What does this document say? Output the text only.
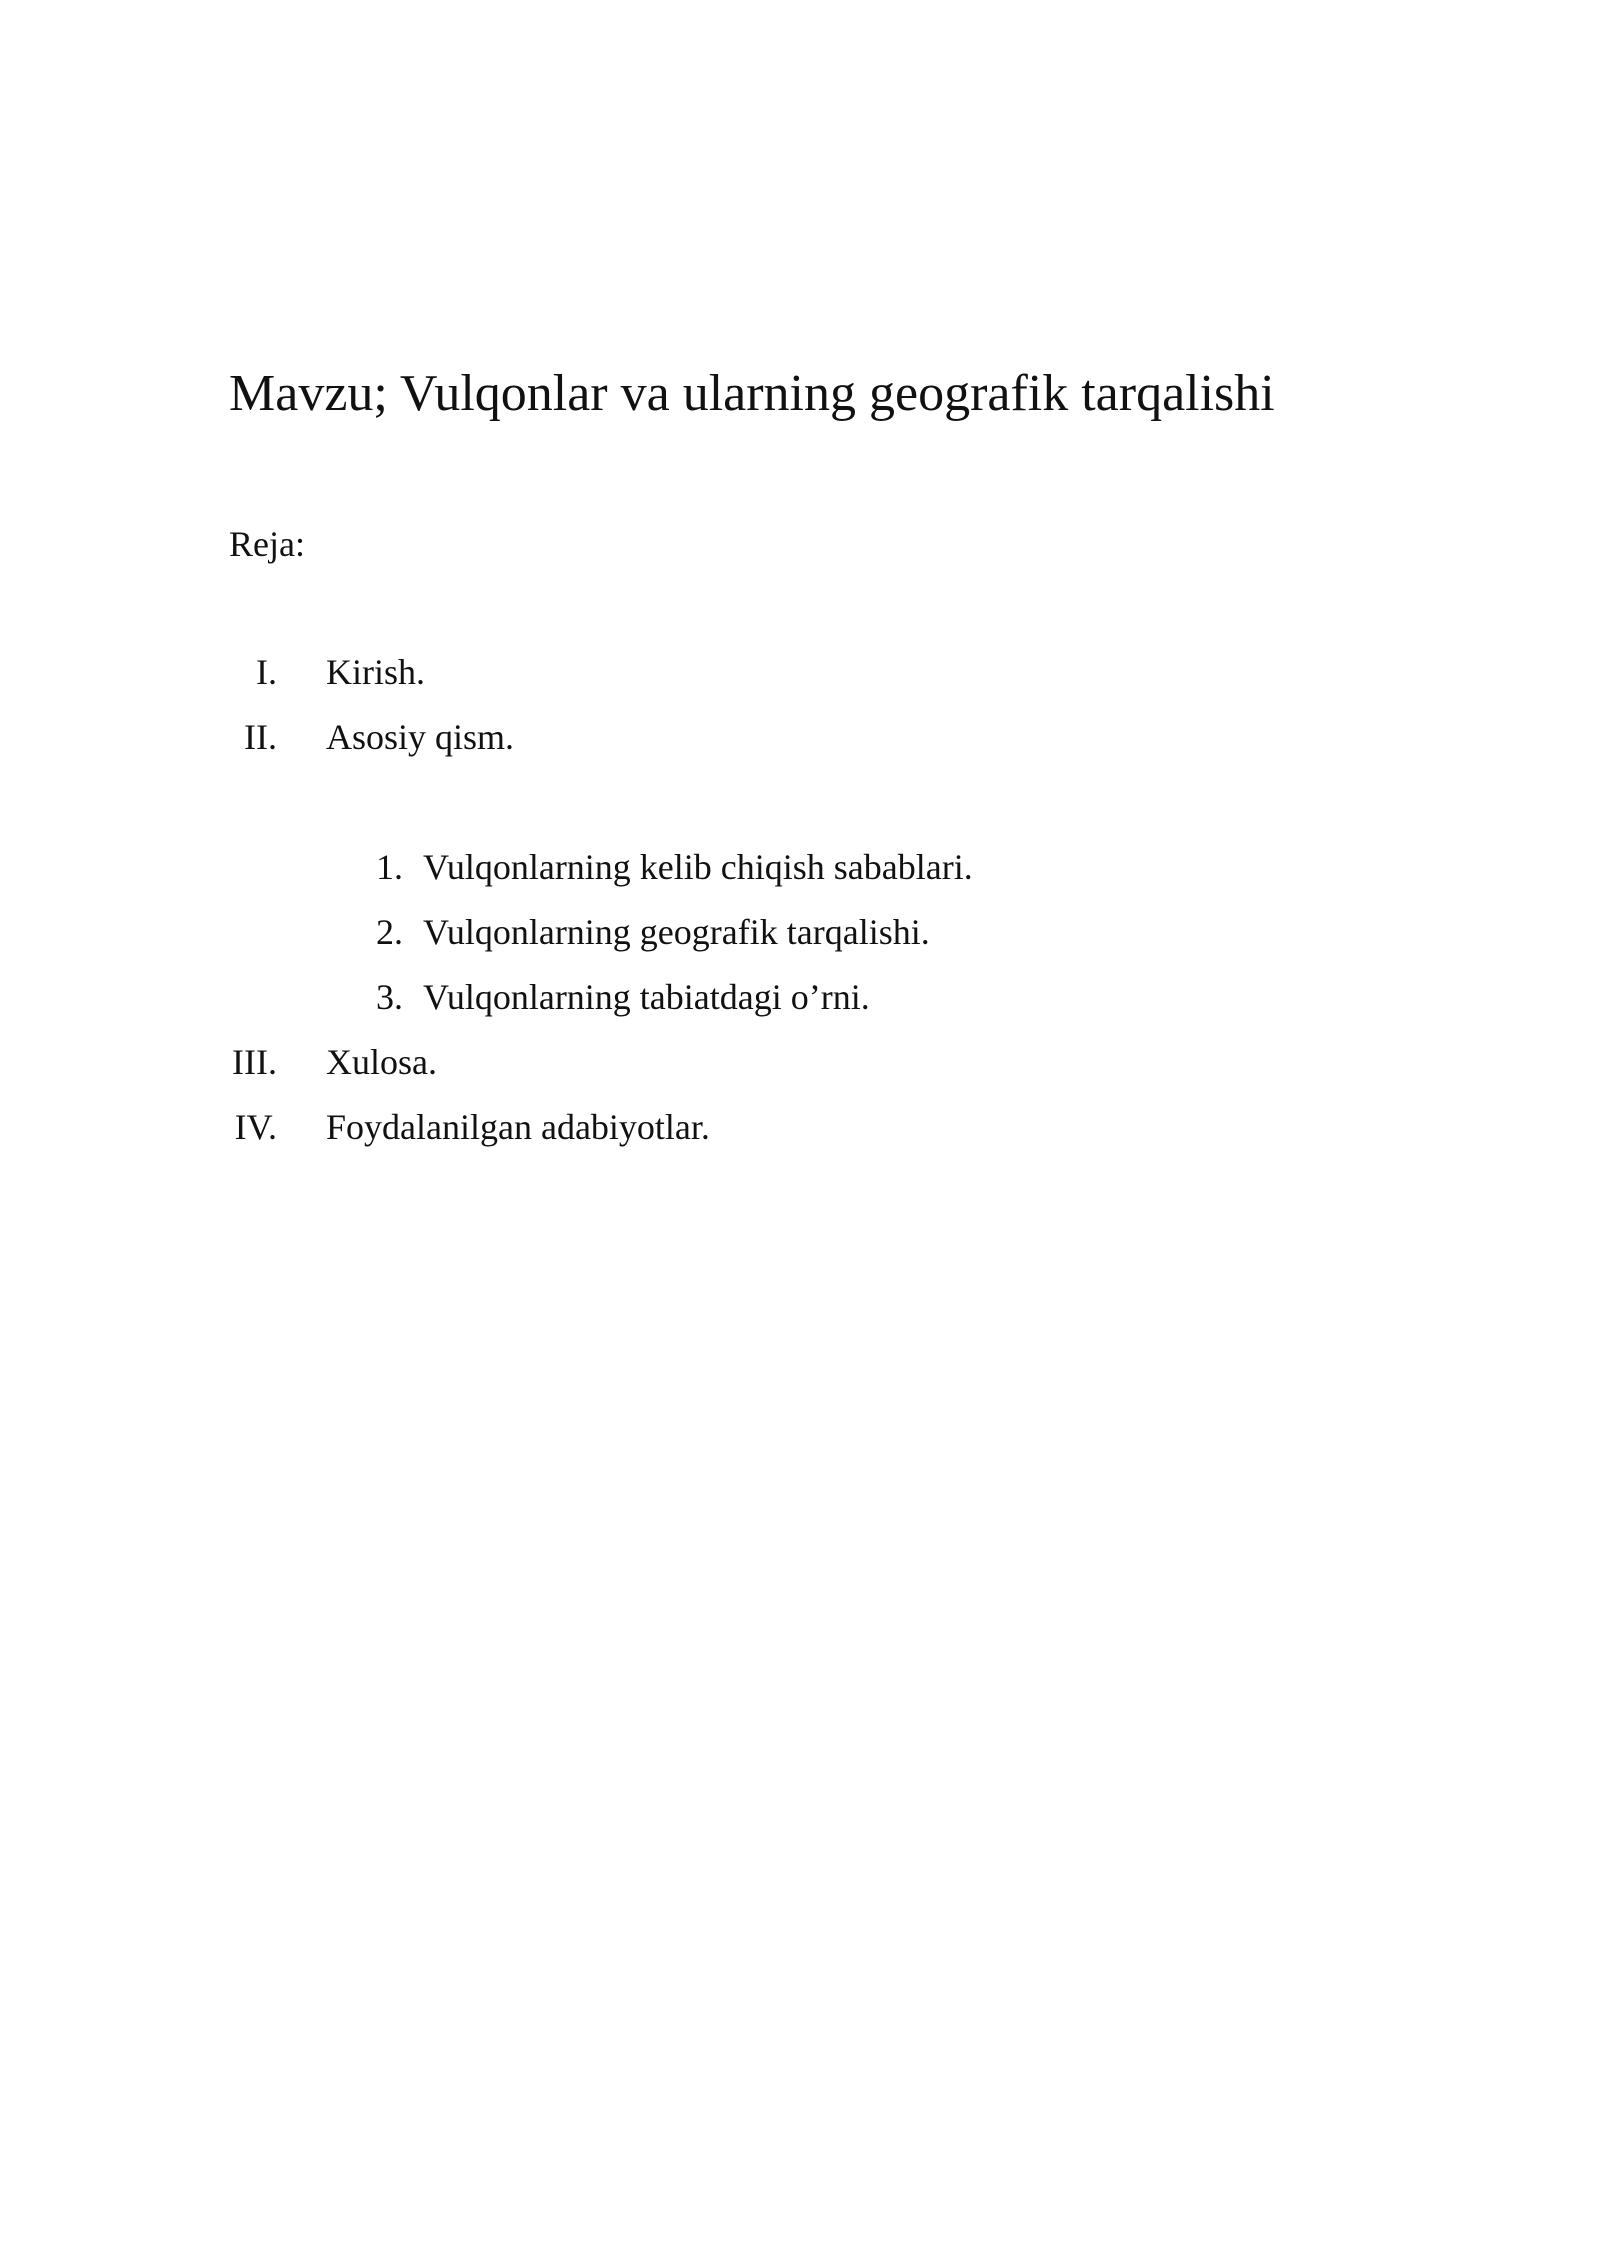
Mavzu; Vulqonlar va ularning geografik tarqalishi
Reja:
I. Kirish.
II. Asosiy qism.
1. Vulqonlarning kelib chiqish sabablari.
2. Vulqonlarning geografik tarqalishi.
3. Vulqonlarning tabiatdagi o’rni.
III. Xulosa.
IV. Foydalanilgan adabiyotlar.
